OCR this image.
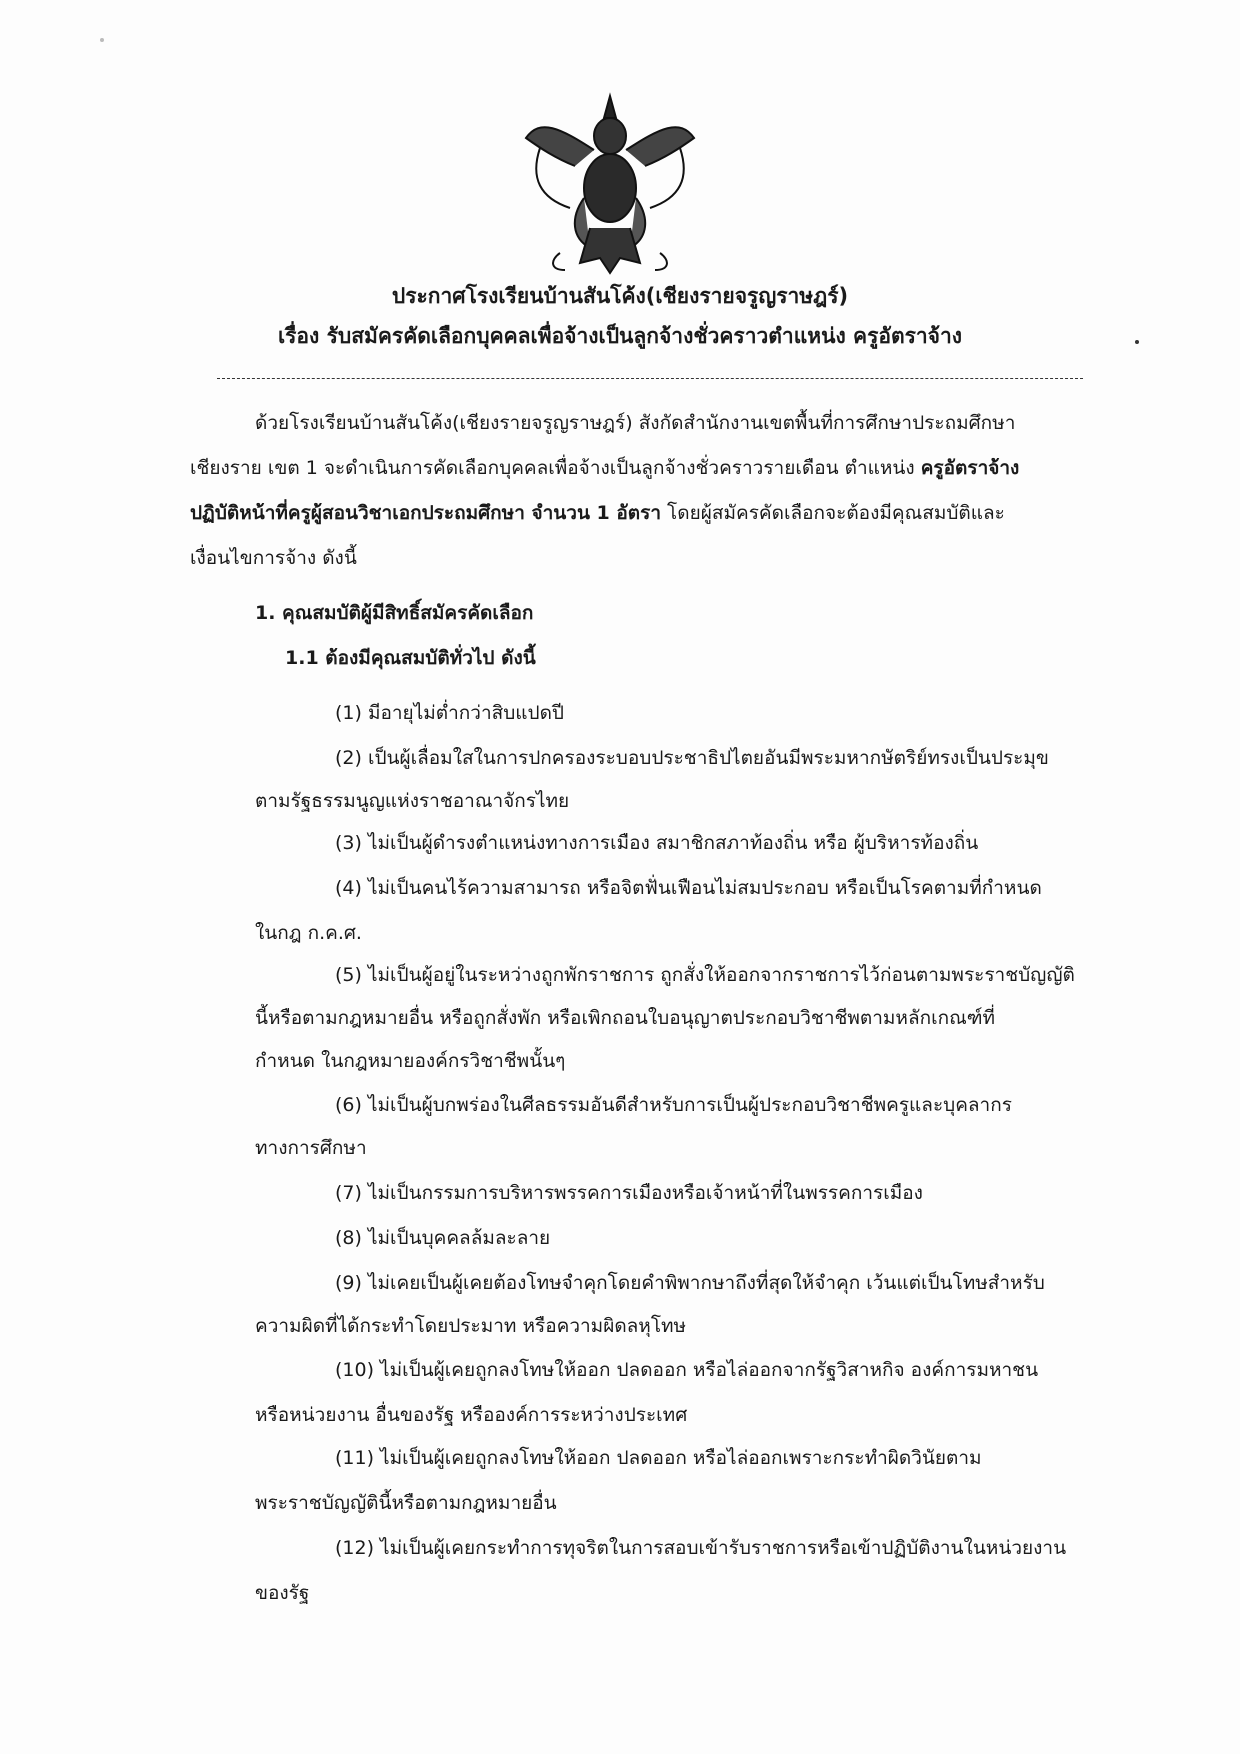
ประกาศโรงเรียนบ้านสันโค้ง(เชียงรายจรูญราษฎร์)
เรื่อง รับสมัครคัดเลือกบุคคลเพื่อจ้างเป็นลูกจ้างชั่วคราวตำแหน่ง ครูอัตราจ้าง
ด้วยโรงเรียนบ้านสันโค้ง(เชียงรายจรูญราษฎร์) สังกัดสำนักงานเขตพื้นที่การศึกษาประถมศึกษา
เชียงราย เขต 1 จะดำเนินการคัดเลือกบุคคลเพื่อจ้างเป็นลูกจ้างชั่วคราวรายเดือน ตำแหน่ง ครูอัตราจ้าง
ปฏิบัติหน้าที่ครูผู้สอนวิชาเอกประถมศึกษา จำนวน 1 อัตรา โดยผู้สมัครคัดเลือกจะต้องมีคุณสมบัติและ
เงื่อนไขการจ้าง ดังนี้
1. คุณสมบัติผู้มีสิทธิ์สมัครคัดเลือก
1.1 ต้องมีคุณสมบัติทั่วไป ดังนี้
(1) มีอายุไม่ต่ำกว่าสิบแปดปี
(2) เป็นผู้เลื่อมใสในการปกครองระบอบประชาธิปไตยอันมีพระมหากษัตริย์ทรงเป็นประมุข
ตามรัฐธรรมนูญแห่งราชอาณาจักรไทย
(3) ไม่เป็นผู้ดำรงตำแหน่งทางการเมือง สมาชิกสภาท้องถิ่น หรือ ผู้บริหารท้องถิ่น
(4) ไม่เป็นคนไร้ความสามารถ หรือจิตฟั่นเฟือนไม่สมประกอบ หรือเป็นโรคตามที่กำหนด
ในกฎ ก.ค.ศ.
(5) ไม่เป็นผู้อยู่ในระหว่างถูกพักราชการ ถูกสั่งให้ออกจากราชการไว้ก่อนตามพระราชบัญญัติ
นี้หรือตามกฎหมายอื่น หรือถูกสั่งพัก หรือเพิกถอนใบอนุญาตประกอบวิชาชีพตามหลักเกณฑ์ที่
กำหนด ในกฎหมายองค์กรวิชาชีพนั้นๆ
(6) ไม่เป็นผู้บกพร่องในศีลธรรมอันดีสำหรับการเป็นผู้ประกอบวิชาชีพครูและบุคลากร
ทางการศึกษา
(7) ไม่เป็นกรรมการบริหารพรรคการเมืองหรือเจ้าหน้าที่ในพรรคการเมือง
(8) ไม่เป็นบุคคลล้มละลาย
(9) ไม่เคยเป็นผู้เคยต้องโทษจำคุกโดยคำพิพากษาถึงที่สุดให้จำคุก เว้นแต่เป็นโทษสำหรับ
ความผิดที่ได้กระทำโดยประมาท หรือความผิดลหุโทษ
(10) ไม่เป็นผู้เคยถูกลงโทษให้ออก ปลดออก หรือไล่ออกจากรัฐวิสาหกิจ องค์การมหาชน
หรือหน่วยงาน อื่นของรัฐ หรือองค์การระหว่างประเทศ
(11) ไม่เป็นผู้เคยถูกลงโทษให้ออก ปลดออก หรือไล่ออกเพราะกระทำผิดวินัยตาม
พระราชบัญญัตินี้หรือตามกฎหมายอื่น
(12) ไม่เป็นผู้เคยกระทำการทุจริตในการสอบเข้ารับราชการหรือเข้าปฏิบัติงานในหน่วยงาน
ของรัฐ
